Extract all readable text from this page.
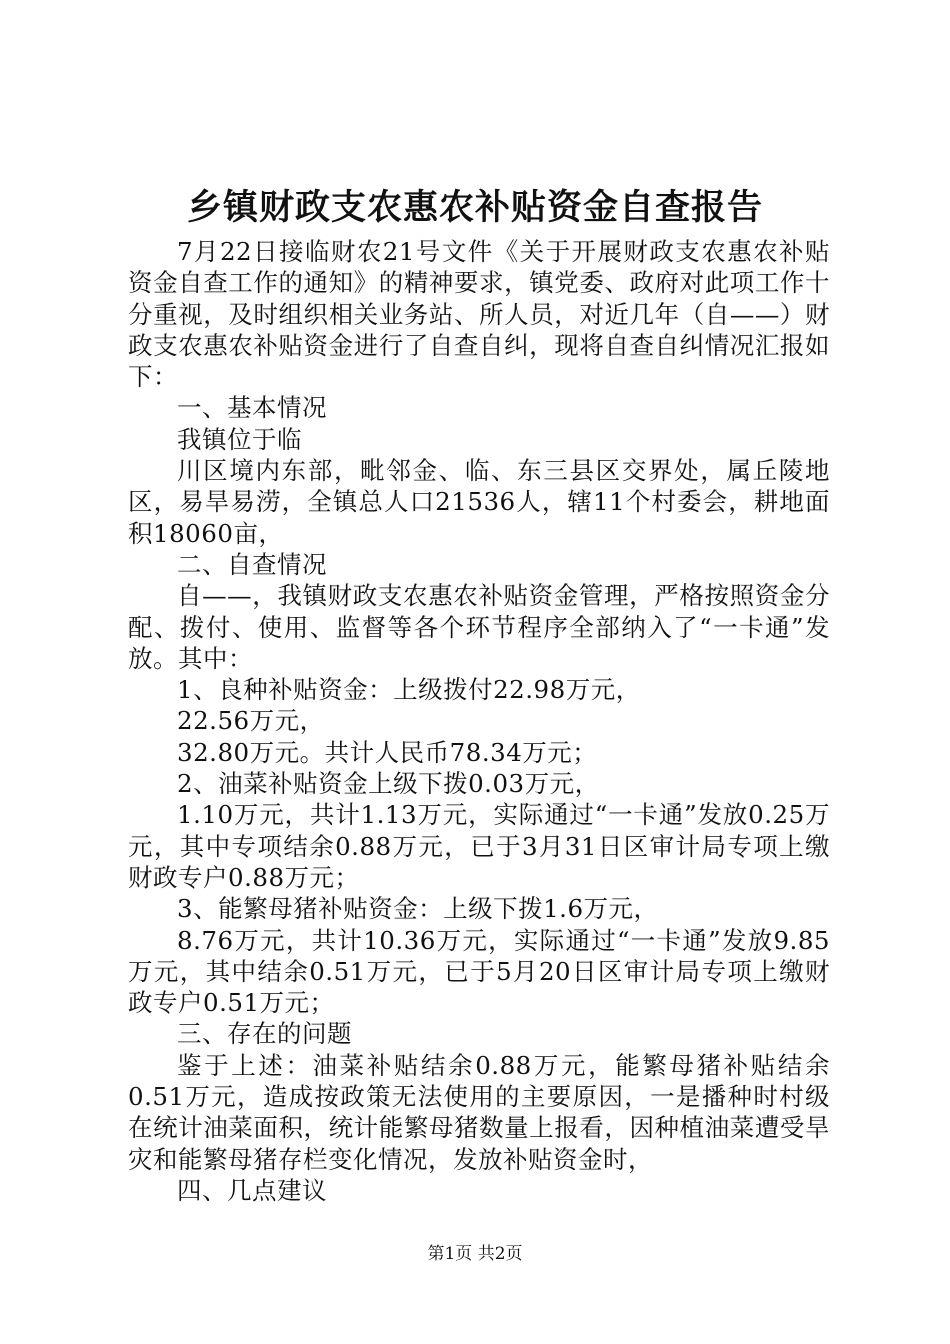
乡镇财政支农惠农补贴资金自查报告

7月22日接临财农21号文件《关于开展财政支农惠农补贴资金自查工作的通知》的精神要求，镇党委、政府对此项工作十分重视，及时组织相关业务站、所人员，对近几年（自——）财政支农惠农补贴资金进行了自查自纠，现将自查自纠情况汇报如下：

一、基本情况

我镇位于临

川区境内东部，毗邻金、临、东三县区交界处，属丘陵地区，易旱易涝，全镇总人口21536人，辖11个村委会，耕地面积18060亩，

二、自查情况

自——，我镇财政支农惠农补贴资金管理，严格按照资金分配、拨付、使用、监督等各个环节程序全部纳入了“一卡通”发放。其中：

1、良种补贴资金：上级拨付22.98万元，

22.56万元，

32.80万元。共计人民币78.34万元；

2、油菜补贴资金上级下拨0.03万元，

1.10万元，共计1.13万元，实际通过“一卡通”发放0.25万元，其中专项结余0.88万元，已于3月31日区审计局专项上缴财政专户0.88万元；

3、能繁母猪补贴资金：上级下拨1.6万元，

8.76万元，共计10.36万元，实际通过“一卡通”发放9.85万元，其中结余0.51万元，已于5月20日区审计局专项上缴财政专户0.51万元；

三、存在的问题

鉴于上述：油菜补贴结余0.88万元，能繁母猪补贴结余0.51万元，造成按政策无法使用的主要原因，一是播种时村级在统计油菜面积，统计能繁母猪数量上报看，因种植油菜遭受旱灾和能繁母猪存栏变化情况，发放补贴资金时，

四、几点建议

第1页 共2页
